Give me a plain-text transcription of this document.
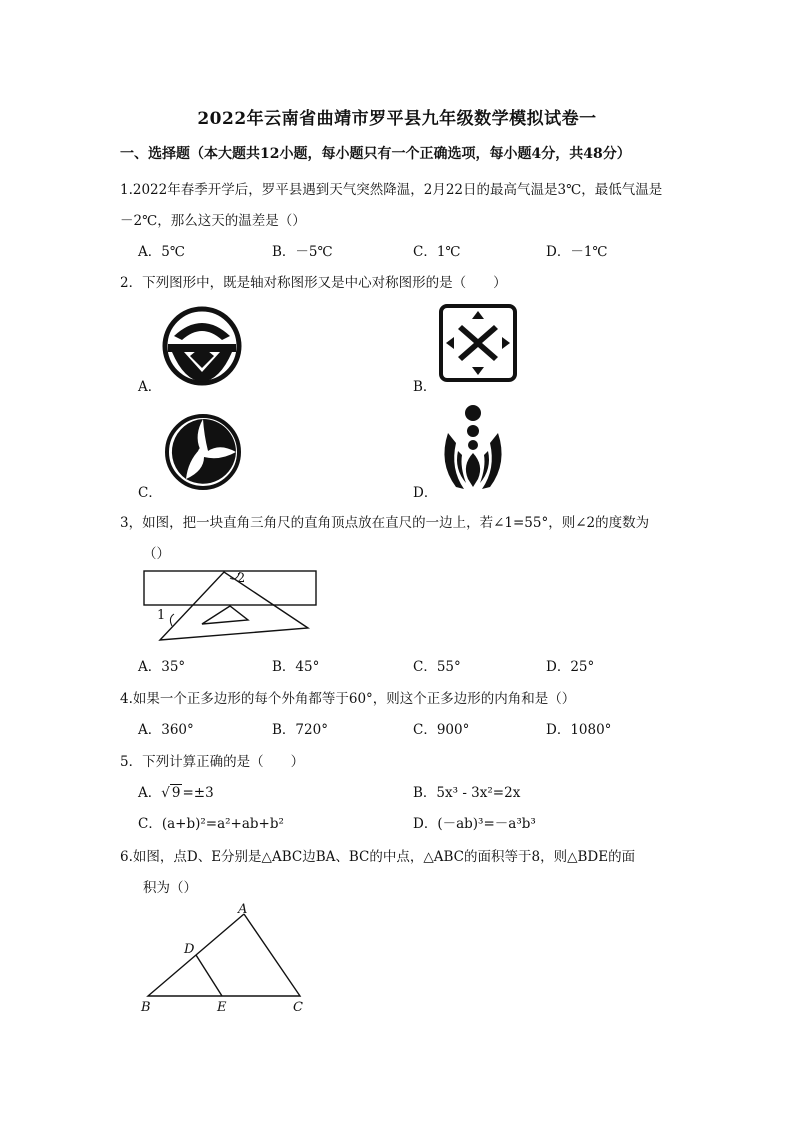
2022年云南省曲靖市罗平县九年级数学模拟试卷一
一、选择题（本大题共12小题，每小题只有一个正确选项，每小题4分，共48分）
1.2022年春季开学后，罗平县遇到天气突然降温，2月22日的最高气温是3℃，最低气温是
－2℃，那么这天的温差是（）
A．5℃	B．－5℃	C．1℃	D．－1℃
2．下列图形中，既是轴对称图形又是中心对称图形的是（　　）
A．	B．
C．	D．
3，如图，把一块直角三角尺的直角顶点放在直尺的一边上，若∠1=55°，则∠2的度数为
（）
1
2
A．35°	B．45°	C．55°	D．25°
4.如果一个正多边形的每个外角都等于60°，则这个正多边形的内角和是（）
A．360°	B．720°	C．900°	D．1080°
5．下列计算正确的是（　　）
A．√ 9 =±3	B．5x³ - 3x²=2x
C．(a+b)²=a²+ab+b²	D．(－ab)³=－a³b³
6.如图，点D、E分别是△ABC边BA、BC的中点，△ABC的面积等于8，则△BDE的面
积为（）
A
B	C
D
E
